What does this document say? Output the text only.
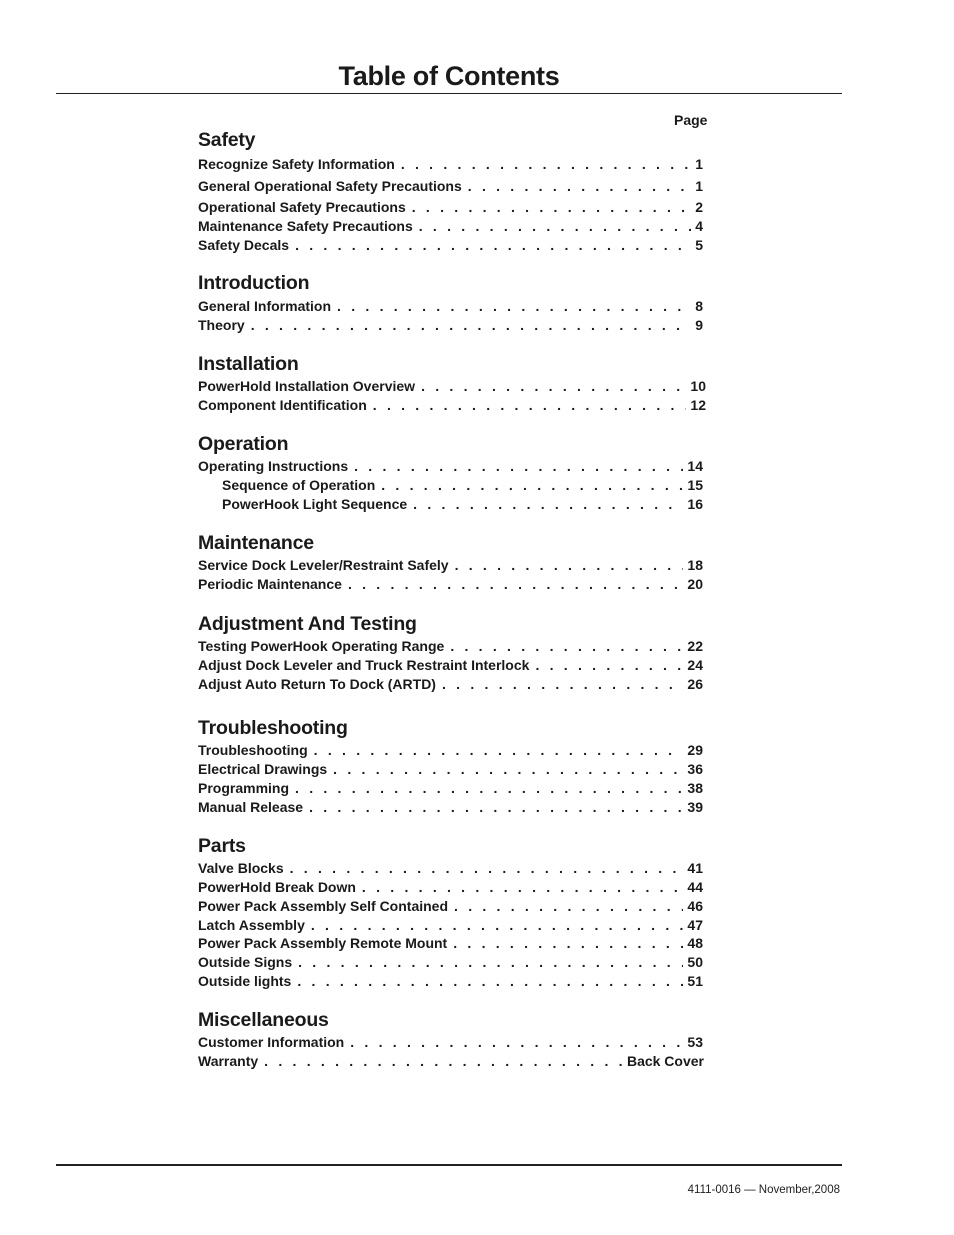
Table of Contents
Page
Safety
Recognize Safety Information . . .	1
General Operational Safety Precautions . . .	1
Operational Safety Precautions . . .	2
Maintenance Safety Precautions . . .	4
Safety Decals . . .	5
Introduction
General Information . . .	8
Theory . . .	9
Installation
PowerHold Installation Overview . . .	10
Component Identification . . .	12
Operation
Operating Instructions . . .	14
Sequence of Operation . . .	15
PowerHook Light Sequence . . .	16
Maintenance
Service Dock Leveler/Restraint Safely . . .	18
Periodic Maintenance . . .	20
Adjustment And Testing
Testing PowerHook Operating Range . . .	22
Adjust Dock Leveler and Truck Restraint Interlock . . .	24
Adjust Auto Return To Dock (ARTD) . . .	26
Troubleshooting
Troubleshooting . . .	29
Electrical Drawings . . .	36
Programming . . .	38
Manual Release . . .	39
Parts
Valve Blocks . . .	41
PowerHold Break Down . . .	44
Power Pack Assembly Self Contained . . .	46
Latch Assembly . . .	47
Power Pack Assembly Remote Mount . . .	48
Outside Signs . . .	50
Outside lights . . .	51
Miscellaneous
Customer Information . . .	53
Warranty . . .	Back Cover
4111-0016 — November,2008
